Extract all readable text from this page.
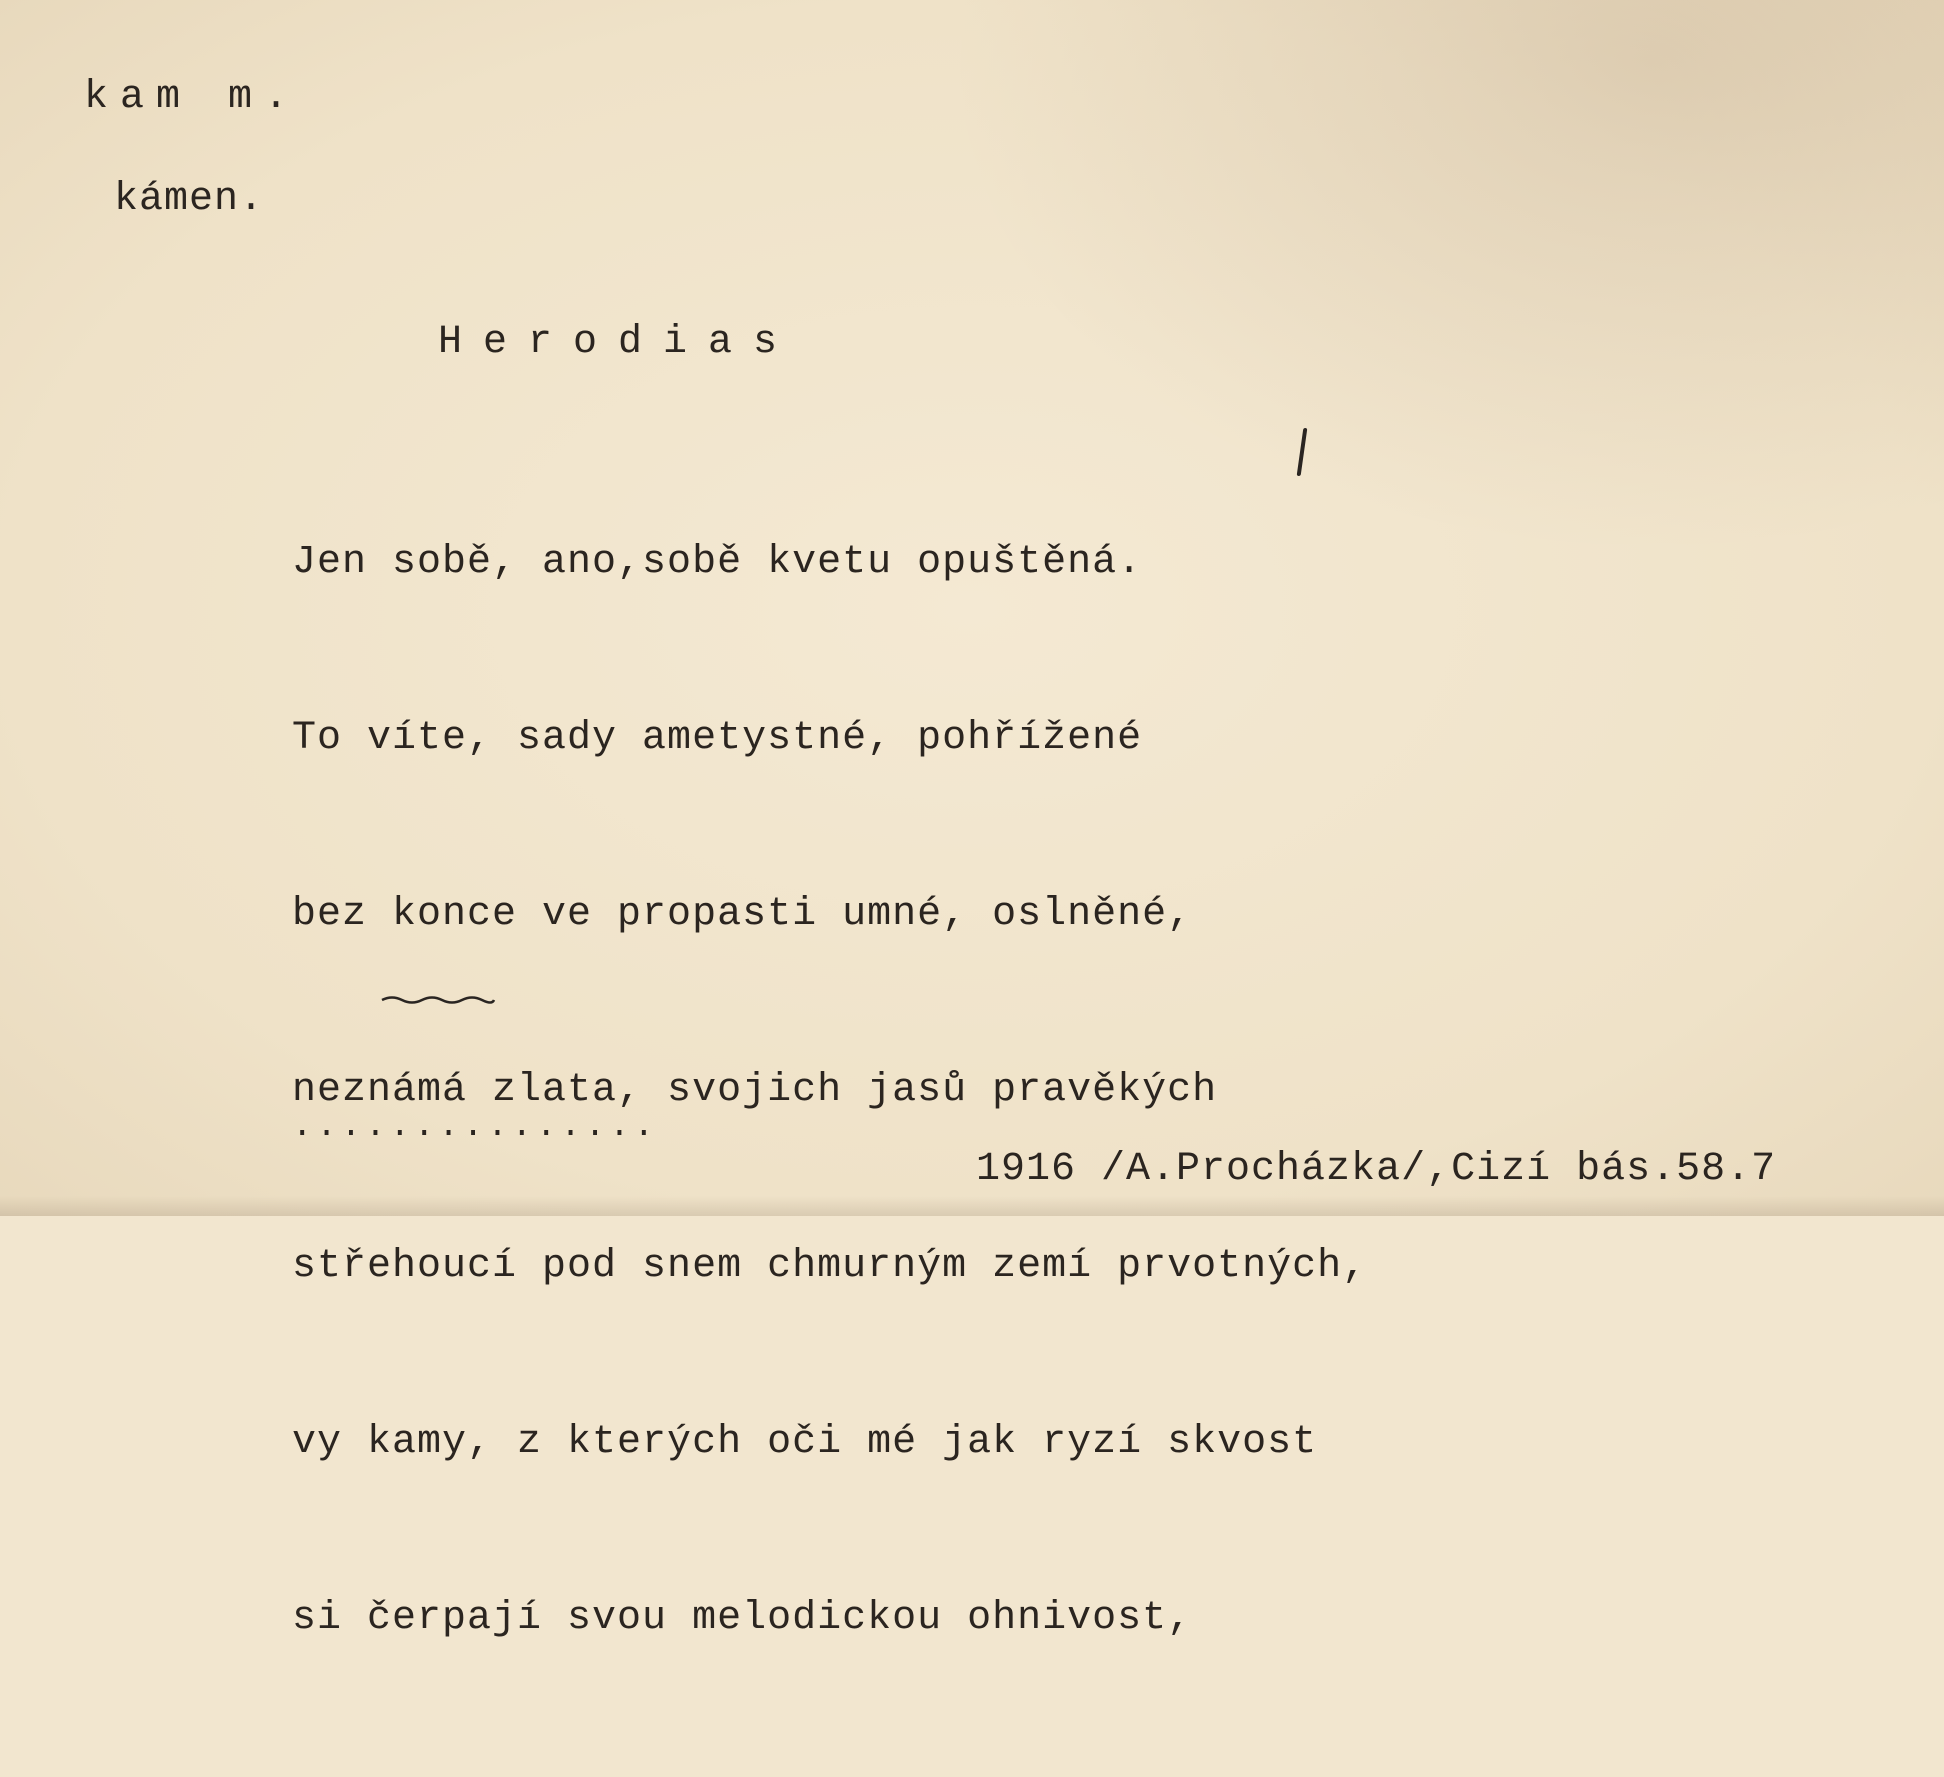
kam m.
kámen.
Herodias

Jen sobě, ano,sobě kvetu opuštěná.

To víte, sady ametystné, pohřížené

bez konce ve propasti umné, oslněné,

neznámá zlata, svojich jasů pravěkých

střehoucí pod snem chmurným zemí prvotných,

vy kamy, z kterých oči mé jak ryzí skvost

si čerpají svou melodickou ohnivost,

...............
1916 /A.Procházka/,Cizí bás.58.7
